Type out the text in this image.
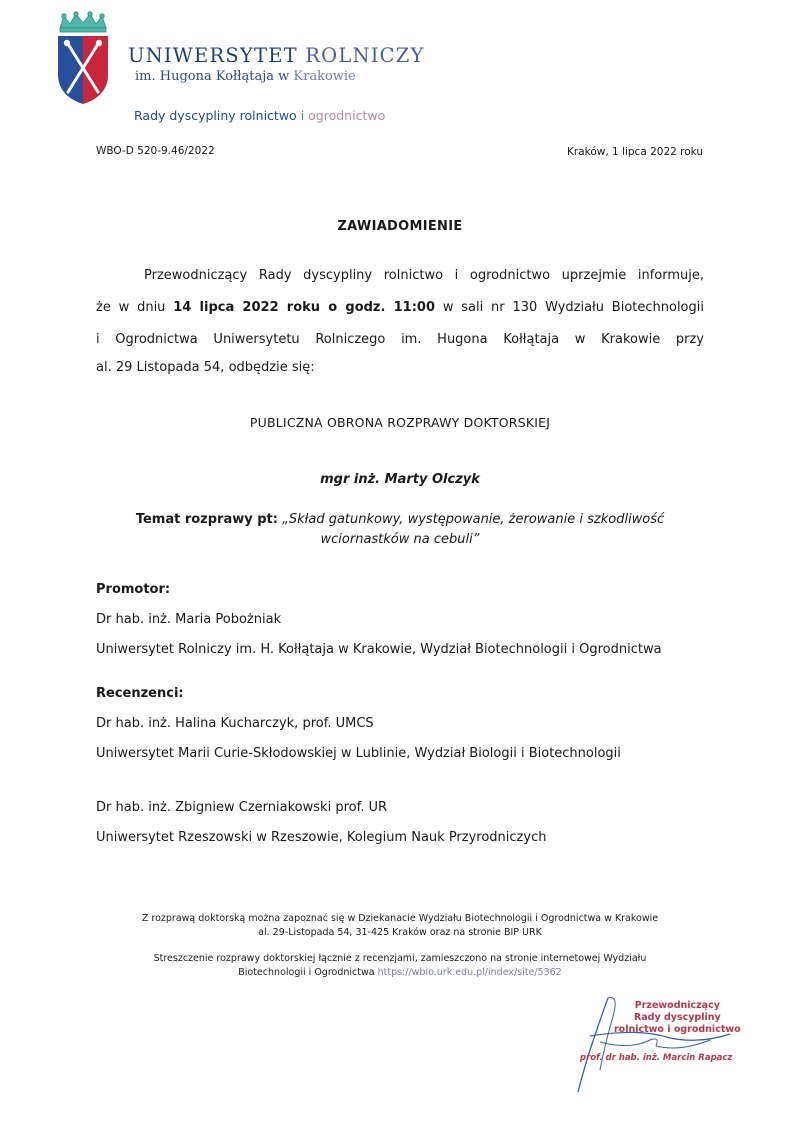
UNIWERSYTET ROLNICZY
im. Hugona Kołłątaja w Krakowie
Rady dyscypliny rolnictwo i ogrodnictwo
WBO-D 520-9.46/2022	Kraków, 1 lipca 2022 roku
ZAWIADOMIENIE
Przewodniczący Rady dyscypliny rolnictwo i ogrodnictwo uprzejmie informuje,
że w dniu 14 lipca 2022 roku o godz. 11:00 w sali nr 130 Wydziału Biotechnologii
i Ogrodnictwa Uniwersytetu Rolniczego im. Hugona Kołłątaja w Krakowie przy
al. 29 Listopada 54, odbędzie się:
PUBLICZNA OBRONA ROZPRAWY DOKTORSKIEJ
mgr inż. Marty Olczyk
Temat rozprawy pt: „Skład gatunkowy, występowanie, żerowanie i szkodliwość
wciornastków na cebuli”
Promotor:
Dr hab. inż. Maria Pobożniak
Uniwersytet Rolniczy im. H. Kołłątaja w Krakowie, Wydział Biotechnologii i Ogrodnictwa
Recenzenci:
Dr hab. inż. Halina Kucharczyk, prof. UMCS
Uniwersytet Marii Curie-Skłodowskiej w Lublinie, Wydział Biologii i Biotechnologii
Dr hab. inż. Zbigniew Czerniakowski prof. UR
Uniwersytet Rzeszowski w Rzeszowie, Kolegium Nauk Przyrodniczych
Z rozprawą doktorską można zapoznać się w Dziekanacie Wydziału Biotechnologii i Ogrodnictwa w Krakowie
al. 29-Listopada 54, 31-425 Kraków oraz na stronie BIP URK
Streszczenie rozprawy doktorskiej łącznie z recenzjami, zamieszczono na stronie internetowej Wydziału
Biotechnologii i Ogrodnictwa https://wbio.urk.edu.pl/index/site/5362
Przewodniczący
Rady dyscypliny
rolnictwo i ogrodnictwo
prof. dr hab. inż. Marcin Rapacz
